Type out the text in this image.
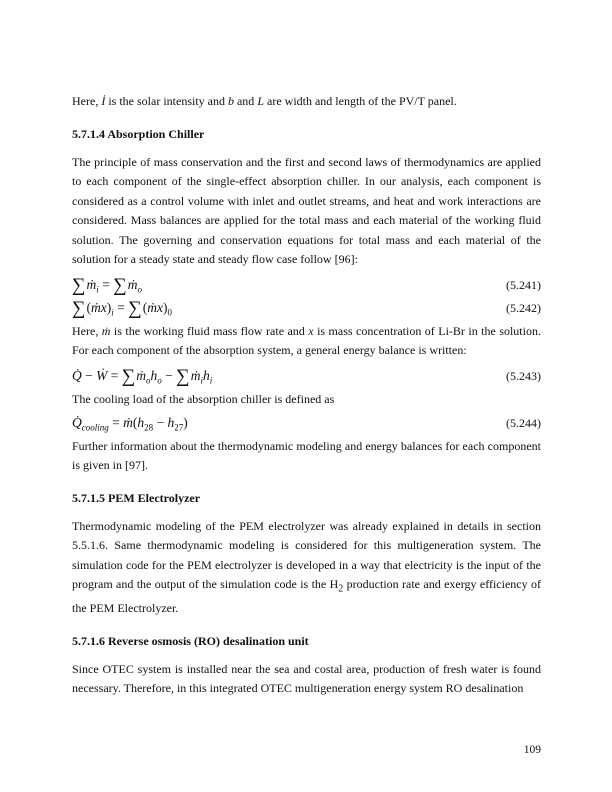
Here, İ is the solar intensity and b and L are width and length of the PV/T panel.

5.7.1.4 Absorption Chiller

The principle of mass conservation and the first and second laws of thermodynamics are applied to each component of the single-effect absorption chiller. In our analysis, each component is considered as a control volume with inlet and outlet streams, and heat and work interactions are considered. Mass balances are applied for the total mass and each material of the working fluid solution. The governing and conservation equations for total mass and each material of the solution for a steady state and steady flow case follow [96]:

∑ṁ$_i$ = ∑ṁ$_o$	(5.241)
$\sum(ṁx)_i$ = $\sum(ṁx)_0$	(5.242)

Here, ṁ is the working fluid mass flow rate and x is mass concentration of Li-Br in the solution. For each component of the absorption system, a general energy balance is written:

Q̇ − Ẇ = $\sum ṁ_oh_o$ − $\sum ṁ_ih_i$	(5.243)

The cooling load of the absorption chiller is defined as

$Q̇_{cooling}$ = $ṁ(h_{28} - h_{27})$	(5.244)

Further information about the thermodynamic modeling and energy balances for each component is given in [97].

5.7.1.5 PEM Electrolyzer

Thermodynamic modeling of the PEM electrolyzer was already explained in details in section 5.5.1.6. Same thermodynamic modeling is considered for this multigeneration system. The simulation code for the PEM electrolyzer is developed in a way that electricity is the input of the program and the output of the simulation code is the $H_2$ production rate and exergy efficiency of the PEM Electrolyzer.

5.7.1.6 Reverse osmosis (RO) desalination unit

Since OTEC system is installed near the sea and costal area, production of fresh water is found necessary. Therefore, in this integrated OTEC multigeneration energy system RO desalination

109
